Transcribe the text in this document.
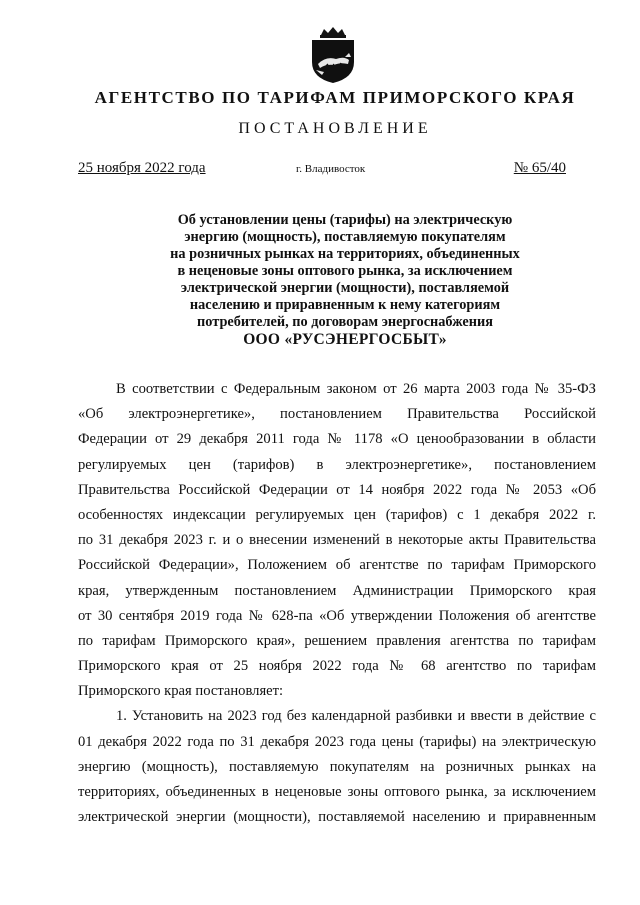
АГЕНТСТВО ПО ТАРИФАМ ПРИМОРСКОГО КРАЯ
ПОСТАНОВЛЕНИЕ
25 ноября 2022 года	г. Владивосток	№ 65/40
Об установлении цены (тарифы) на электрическую
энергию (мощность), поставляемую покупателям
на розничных рынках на территориях, объединенных
в неценовые зоны оптового рынка, за исключением
электрической энергии (мощности), поставляемой
населению и приравненным к нему категориям
потребителей, по договорам энергоснабжения
ООО «РУСЭНЕРГОСБЫТ»
В соответствии с Федеральным законом от 26 марта 2003 года № 35-ФЗ
«Об электроэнергетике», постановлением Правительства Российской
Федерации от 29 декабря 2011 года № 1178 «О ценообразовании в области
регулируемых цен (тарифов) в электроэнергетике», постановлением
Правительства Российской Федерации от 14 ноября 2022 года № 2053 «Об
особенностях индексации регулируемых цен (тарифов) с 1 декабря 2022 г.
по 31 декабря 2023 г. и о внесении изменений в некоторые акты Правительства
Российской Федерации», Положением об агентстве по тарифам Приморского
края, утвержденным постановлением Администрации Приморского края
от 30 сентября 2019 года № 628-па «Об утверждении Положения об агентстве
по тарифам Приморского края», решением правления агентства по тарифам
Приморского края от 25 ноября 2022 года № 68 агентство по тарифам
Приморского края постановляет:
1. Установить на 2023 год без календарной разбивки и ввести в действие с
01 декабря 2022 года по 31 декабря 2023 года цены (тарифы) на электрическую
энергию (мощность), поставляемую покупателям на розничных рынках на
территориях, объединенных в неценовые зоны оптового рынка, за исключением
электрической энергии (мощности), поставляемой населению и приравненным
